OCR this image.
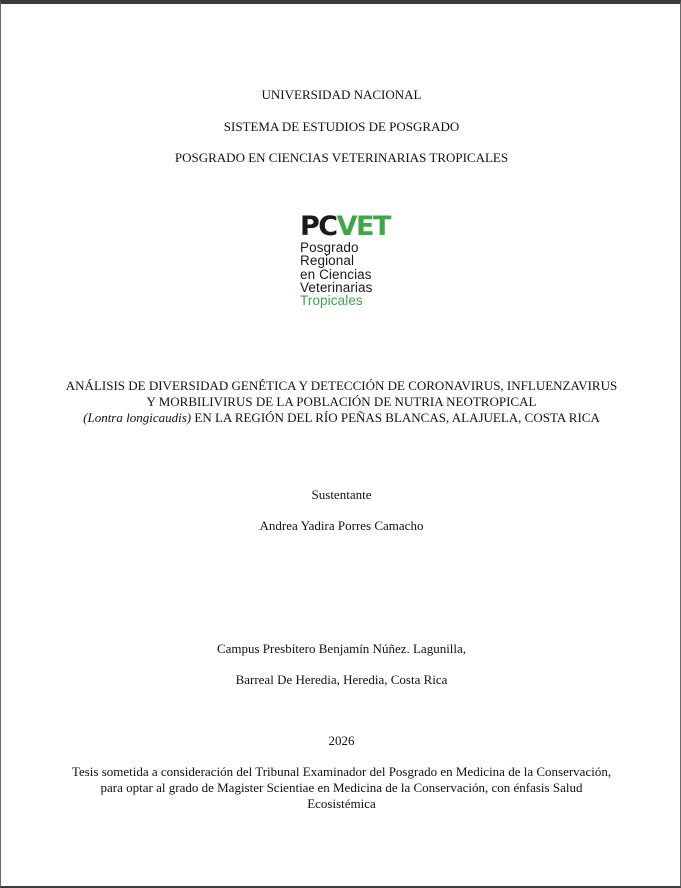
UNIVERSIDAD NACIONAL
SISTEMA DE ESTUDIOS DE POSGRADO
POSGRADO EN CIENCIAS VETERINARIAS TROPICALES
PCVET
Posgrado
Regional
en Ciencias
Veterinarias
Tropicales
ANÁLISIS DE DIVERSIDAD GENÉTICA Y DETECCIÓN DE CORONAVIRUS, INFLUENZAVIRUS Y MORBILIVIRUS DE LA POBLACIÓN DE NUTRIA NEOTROPICAL
(Lontra longicaudis) EN LA REGIÓN DEL RÍO PEÑAS BLANCAS, ALAJUELA, COSTA RICA
Sustentante
Andrea Yadira Porres Camacho
Campus Presbítero Benjamín Núñez. Lagunilla,
Barreal De Heredia, Heredia, Costa Rica
2026
Tesis sometida a consideración del Tribunal Examinador del Posgrado en Medicina de la Conservación, para optar al grado de Magister Scientiae en Medicina de la Conservación, con énfasis Salud Ecosistémica
